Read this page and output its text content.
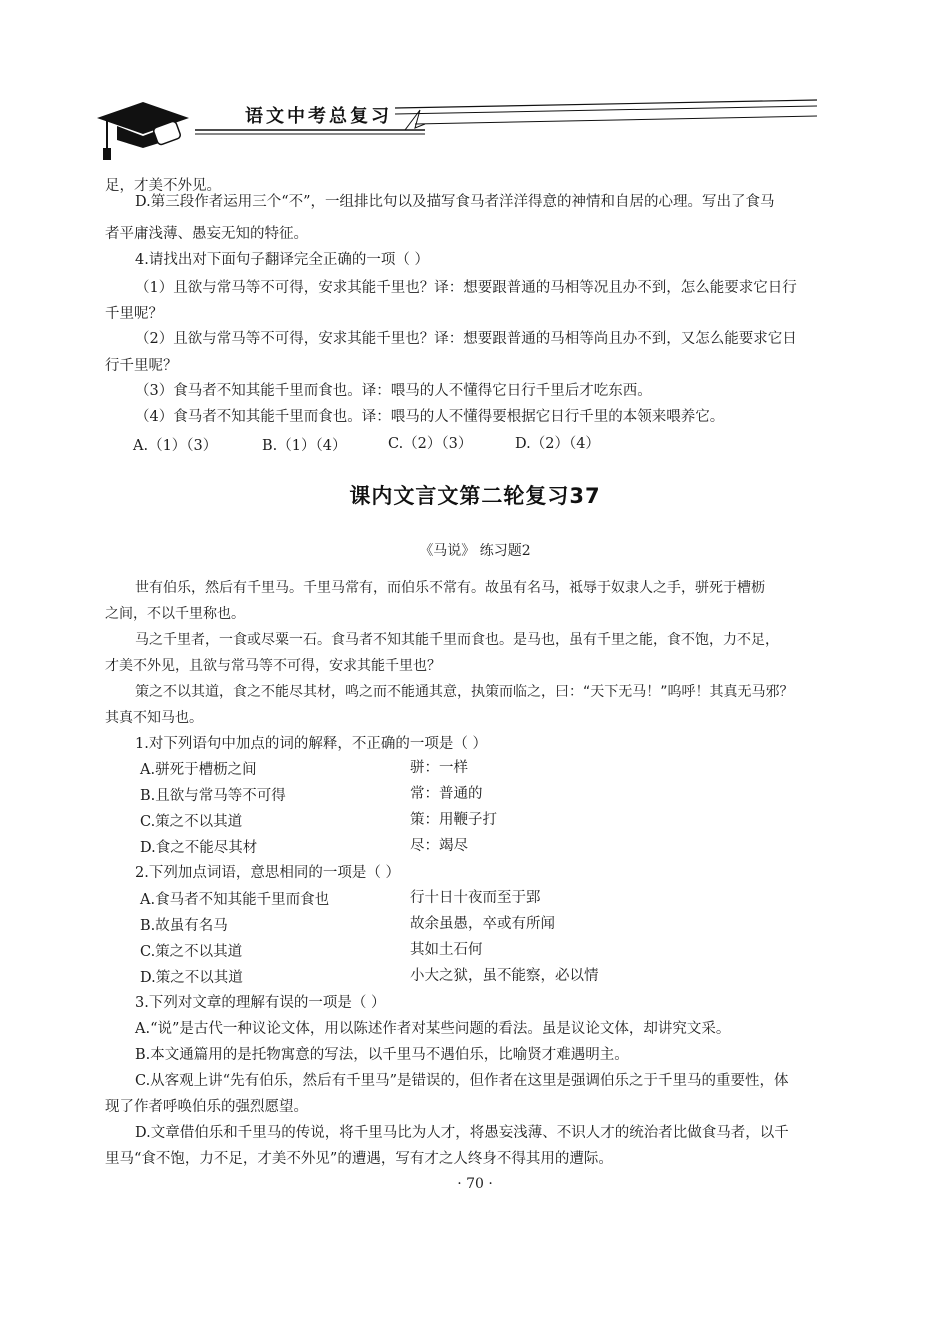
语文中考总复习
足，才美不外见。
D.第三段作者运用三个“不”，一组排比句以及描写食马者洋洋得意的神情和自居的心理。写出了食马
者平庸浅薄、愚妄无知的特征。
4.请找出对下面句子翻译完全正确的一项（ ）
（1）且欲与常马等不可得，安求其能千里也？译：想要跟普通的马相等况且办不到，怎么能要求它日行
千里呢？
（2）且欲与常马等不可得，安求其能千里也？译：想要跟普通的马相等尚且办不到，又怎么能要求它日
行千里呢？
（3）食马者不知其能千里而食也。译：喂马的人不懂得它日行千里后才吃东西。
（4）食马者不知其能千里而食也。译：喂马的人不懂得要根据它日行千里的本领来喂养它。
A.（1）（3）	B.（1）（4）	C.（2）（3）	D.（2）（4）
课内文言文第二轮复习37
《马说》 练习题2
世有伯乐，然后有千里马。千里马常有，而伯乐不常有。故虽有名马，祗辱于奴隶人之手，骈死于槽枥
之间，不以千里称也。
马之千里者，一食或尽粟一石。食马者不知其能千里而食也。是马也，虽有千里之能，食不饱，力不足，
才美不外见，且欲与常马等不可得，安求其能千里也？
策之不以其道，食之不能尽其材，鸣之而不能通其意，执策而临之，曰：“天下无马！”呜呼！其真无马邪？
其真不知马也。
1.对下列语句中加点的词的解释，不正确的一项是（ ）
A.骈死于槽枥之间	骈：一样
B.且欲与常马等不可得	常：普通的
C.策之不以其道	策：用鞭子打
D.食之不能尽其材	尽：竭尽
2.下列加点词语，意思相同的一项是（ ）
A.食马者不知其能千里而食也	行十日十夜而至于郢
B.故虽有名马	故余虽愚，卒或有所闻
C.策之不以其道	其如土石何
D.策之不以其道	小大之狱，虽不能察，必以情
3.下列对文章的理解有误的一项是（ ）
A.“说”是古代一种议论文体，用以陈述作者对某些问题的看法。虽是议论文体，却讲究文采。
B.本文通篇用的是托物寓意的写法，以千里马不遇伯乐，比喻贤才难遇明主。
C.从客观上讲“先有伯乐，然后有千里马”是错误的，但作者在这里是强调伯乐之于千里马的重要性，体
现了作者呼唤伯乐的强烈愿望。
D.文章借伯乐和千里马的传说，将千里马比为人才，将愚妄浅薄、不识人才的统治者比做食马者，以千
里马“食不饱，力不足，才美不外见”的遭遇，写有才之人终身不得其用的遭际。
· 70 ·
